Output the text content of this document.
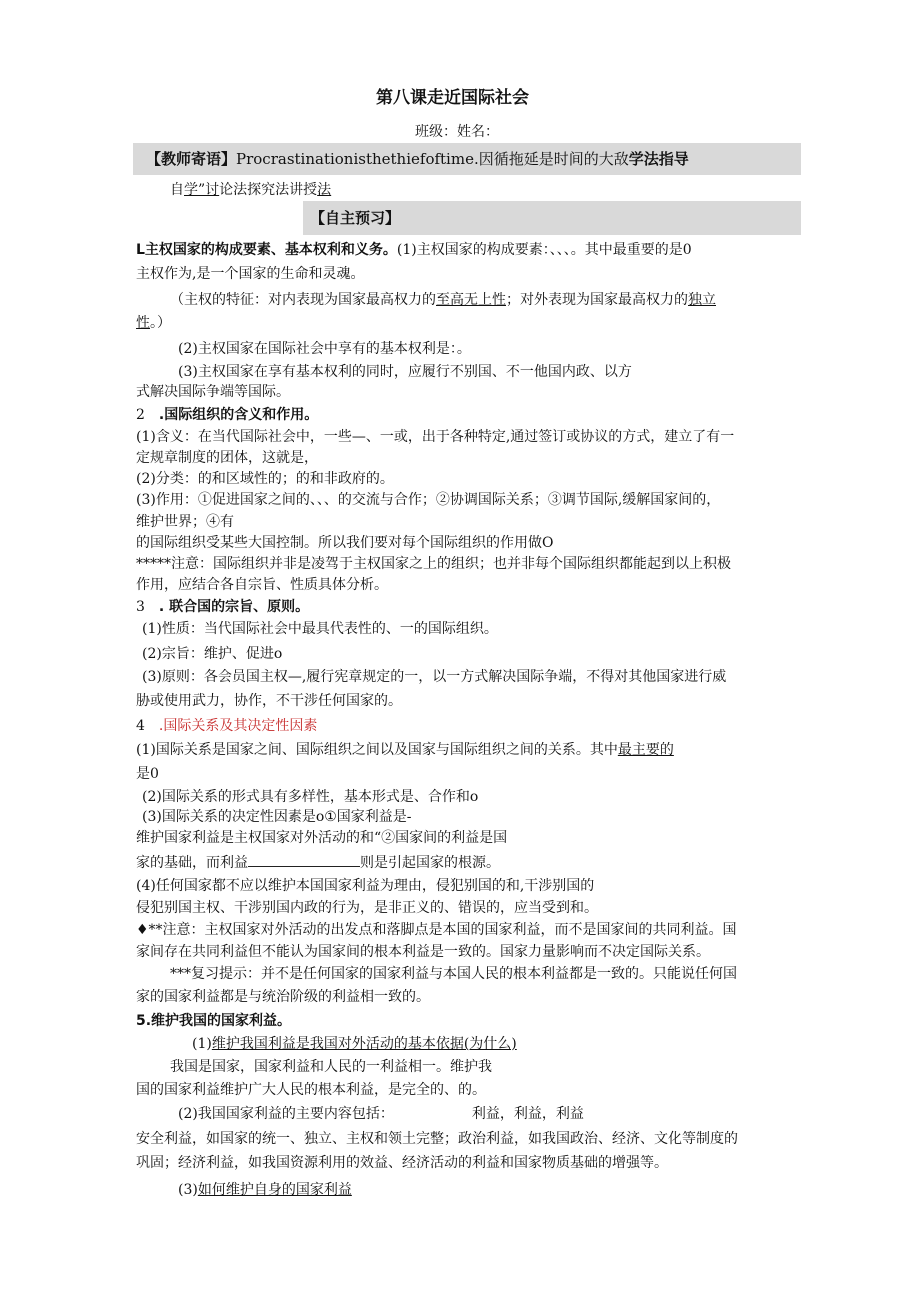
第八课走近国际社会
班级：姓名：
【教师寄语】Procrastinationisthethiefoftime.因循拖延是时间的大敌学法指导
自学”讨论法探究法讲授法
【自主预习】
L主权国家的构成要素、基本权利和义务。(1)主权国家的构成要素：、、、。其中最重要的是0
主权作为,是一个国家的生命和灵魂。
（主权的特征：对内表现为国家最高权力的至高无上性；对外表现为国家最高权力的独立
性。）
(2)主权国家在国际社会中享有的基本权利是：。
(3)主权国家在享有基本权利的同时，应履行不别国、不一他国内政、以方
式解决国际争端等国际。
2 .国际组织的含义和作用。
(1)含义：在当代国际社会中，一些—、一或，出于各种特定,通过签订或协议的方式，建立了有一
定规章制度的团体，这就是，
(2)分类：的和区域性的；的和非政府的。
(3)作用：①促进国家之间的、、、的交流与合作；②协调国际关系；③调节国际,缓解国家间的，
维护世界；④有
的国际组织受某些大国控制。所以我们要对每个国际组织的作用做O
*****注意：国际组织并非是凌驾于主权国家之上的组织；也并非每个国际组织都能起到以上积极
作用，应结合各自宗旨、性质具体分析。
3 . 联合国的宗旨、原则。
(1)性质：当代国际社会中最具代表性的、一的国际组织。
(2)宗旨：维护、促进o
(3)原则：各会员国主权—,履行宪章规定的一，以一方式解决国际争端，不得对其他国家进行威
胁或使用武力，协作，不干涉任何国家的。
4 .国际关系及其决定性因素
(1)国际关系是国家之间、国际组织之间以及国家与国际组织之间的关系。其中最主要的
是0
(2)国际关系的形式具有多样性，基本形式是、合作和o
(3)国际关系的决定性因素是o①国家利益是-
维护国家利益是主权国家对外活动的和“②国家间的利益是国
家的基础，而利益	则是引起国家的根源。
(4)任何国家都不应以维护本国国家利益为理由，侵犯别国的和,干涉别国的
侵犯别国主权、干涉别国内政的行为，是非正义的、错误的，应当受到和。
♦**注意：主权国家对外活动的出发点和落脚点是本国的国家利益，而不是国家间的共同利益。国
家间存在共同利益但不能认为国家间的根本利益是一致的。国家力量影响而不决定国际关系。
***复习提示：并不是任何国家的国家利益与本国人民的根本利益都是一致的。只能说任何国
家的国家利益都是与统治阶级的利益相一致的。
5.维护我国的国家利益。
(1)维护我国利益是我国对外活动的基本依据(为什么)
我国是国家，国家利益和人民的一利益相一。维护我
国的国家利益维护广大人民的根本利益，是完全的、的。
(2)我国国家利益的主要内容包括：	利益，利益，利益
安全利益，如国家的统一、独立、主权和领土完整；政治利益，如我国政治、经济、文化等制度的
巩固；经济利益，如我国资源利用的效益、经济活动的利益和国家物质基础的增强等。
(3)如何维护自身的国家利益
